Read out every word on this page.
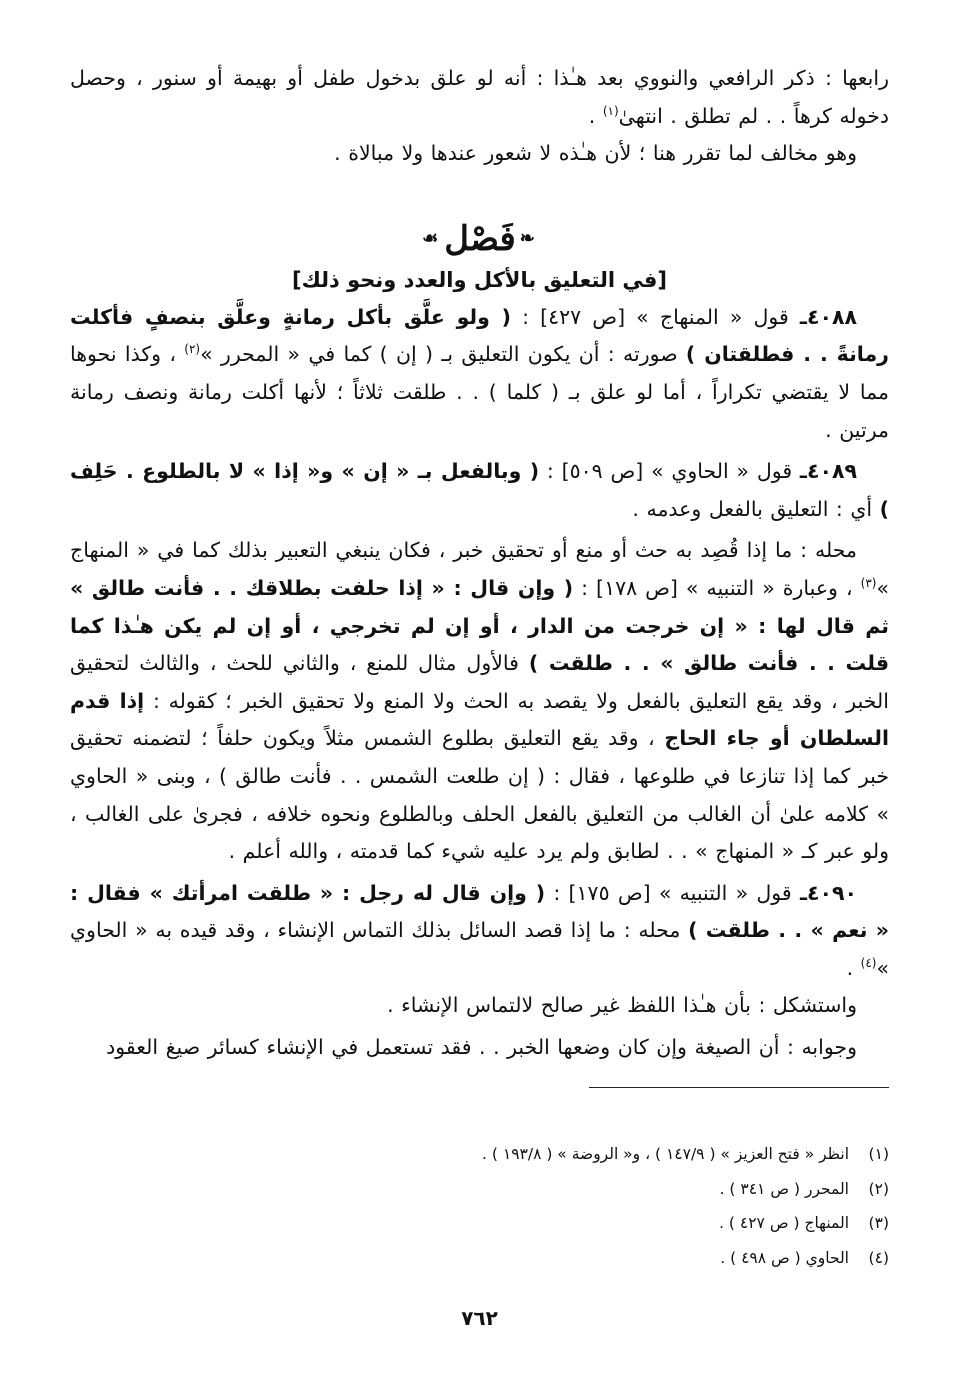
رابعها : ذكر الرافعي والنووي بعد هـٰذا : أنه لو علق بدخول طفل أو بهيمة أو سنور ، وحصل دخوله كرهاً . . لم تطلق . انتهىٰ$^{(١)}$ .

وهو مخالف لما تقرر هنا ؛ لأن هـٰذه لا شعور عندها ولا مبالاة .

❧فَصْل☙
[في التعليق بالأكل والعدد ونحو ذلك]

٤٠٨٨ـ قول « المنهاج » [ص ٤٢٧] : ( ولو علَّق بأكل رمانةٍ وعلَّق بنصفٍ فأكلت رمانةً . . فطلقتان ) صورته : أن يكون التعليق بـ ( إن ) كما في « المحرر »$^{(٢)}$ ، وكذا نحوها مما لا يقتضي تكراراً ، أما لو علق بـ ( كلما ) . . طلقت ثلاثاً ؛ لأنها أكلت رمانة ونصف رمانة مرتين .

٤٠٨٩ـ قول « الحاوي » [ص ٥٠٩] : ( وبالفعل بـ « إن » و« إذا » لا بالطلوع . حَلِف ) أي : التعليق بالفعل وعدمه .

محله : ما إذا قُصِد به حث أو منع أو تحقيق خبر ، فكان ينبغي التعبير بذلك كما في « المنهاج »$^{(٣)}$ ، وعبارة « التنبيه » [ص ١٧٨] : ( وإن قال : « إذا حلفت بطلاقك . . فأنت طالق » ثم قال لها : « إن خرجت من الدار ، أو إن لم تخرجي ، أو إن لم يكن هـٰذا كما قلت . . فأنت طالق » . . طلقت ) فالأول مثال للمنع ، والثاني للحث ، والثالث لتحقيق الخبر ، وقد يقع التعليق بالفعل ولا يقصد به الحث ولا المنع ولا تحقيق الخبر ؛ كقوله : إذا قدم السلطان أو جاء الحاج ، وقد يقع التعليق بطلوع الشمس مثلاً ويكون حلفاً ؛ لتضمنه تحقيق خبر كما إذا تنازعا في طلوعها ، فقال : ( إن طلعت الشمس . . فأنت طالق ) ، وبنى « الحاوي » كلامه علىٰ أن الغالب من التعليق بالفعل الحلف وبالطلوع ونحوه خلافه ، فجرىٰ على الغالب ، ولو عبر كـ « المنهاج » . . لطابق ولم يرد عليه شيء كما قدمته ، والله أعلم .

٤٠٩٠ـ قول « التنبيه » [ص ١٧٥] : ( وإن قال له رجل : « طلقت امرأتك » فقال : « نعم » . . طلقت ) محله : ما إذا قصد السائل بذلك التماس الإنشاء ، وقد قيده به « الحاوي »$^{(٤)}$ .

واستشكل : بأن هـٰذا اللفظ غير صالح لالتماس الإنشاء .

وجوابه : أن الصيغة وإن كان وضعها الخبر . . فقد تستعمل في الإنشاء كسائر صيغ العقود

(١)انظر « فتح العزيز » ( ١٤٧/٩ ) ، و« الروضة » ( ١٩٣/٨ ) .
(٢)المحرر ( ص ٣٤١ ) .
(٣)المنهاج ( ص ٤٢٧ ) .
(٤)الحاوي ( ص ٤٩٨ ) .
٧٦٢
